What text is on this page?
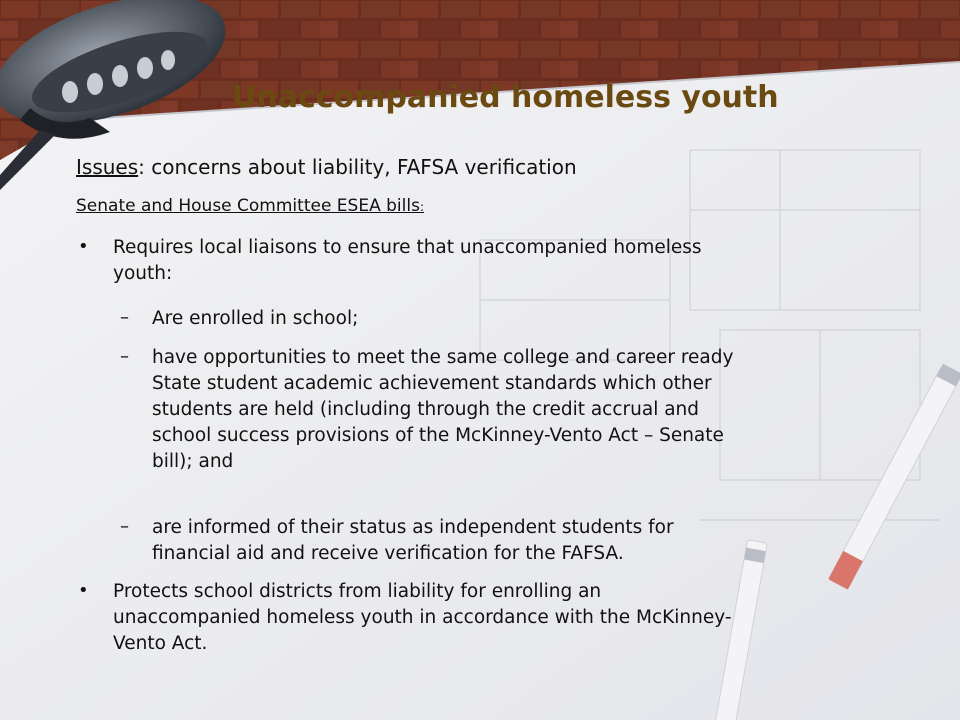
Unaccompanied homeless youth
Issues: concerns about liability, FAFSA verification
Senate and House Committee ESEA bills:
• Requires local liaisons to ensure that unaccompanied homeless
youth:
– Are enrolled in school;
– have opportunities to meet the same college and career ready
State student academic achievement standards which other
students are held (including through the credit accrual and
school success provisions of the McKinney-Vento Act – Senate
bill); and
– are informed of their status as independent students for
financial aid and receive verification for the FAFSA.
• Protects school districts from liability for enrolling an
unaccompanied homeless youth in accordance with the McKinney-
Vento Act.
